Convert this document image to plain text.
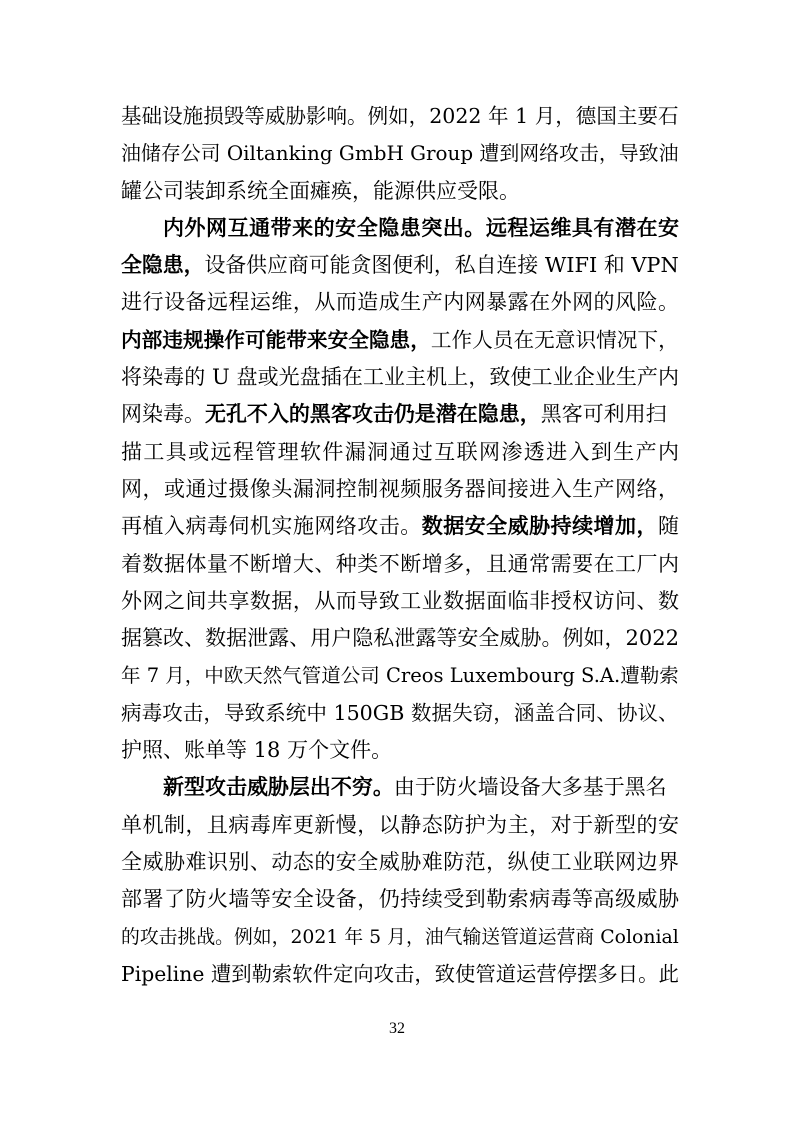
基础设施损毁等威胁影响。例如，2022 年 1 月，德国主要石
油储存公司 Oiltanking GmbH Group 遭到网络攻击，导致油
罐公司装卸系统全面瘫痪，能源供应受限。
内外网互通带来的安全隐患突出。远程运维具有潜在安
全隐患，设备供应商可能贪图便利，私自连接 WIFI 和 VPN
进行设备远程运维，从而造成生产内网暴露在外网的风险。
内部违规操作可能带来安全隐患，工作人员在无意识情况下，
将染毒的 U 盘或光盘插在工业主机上，致使工业企业生产内
网染毒。无孔不入的黑客攻击仍是潜在隐患，黑客可利用扫
描工具或远程管理软件漏洞通过互联网渗透进入到生产内
网，或通过摄像头漏洞控制视频服务器间接进入生产网络，
再植入病毒伺机实施网络攻击。数据安全威胁持续增加，随
着数据体量不断增大、种类不断增多，且通常需要在工厂内
外网之间共享数据，从而导致工业数据面临非授权访问、数
据篡改、数据泄露、用户隐私泄露等安全威胁。例如，2022
年 7 月，中欧天然气管道公司 Creos Luxembourg S.A.遭勒索
病毒攻击，导致系统中 150GB 数据失窃，涵盖合同、协议、
护照、账单等 18 万个文件。
新型攻击威胁层出不穷。由于防火墙设备大多基于黑名
单机制，且病毒库更新慢，以静态防护为主，对于新型的安
全威胁难识别、动态的安全威胁难防范，纵使工业联网边界
部署了防火墙等安全设备，仍持续受到勒索病毒等高级威胁
的攻击挑战。例如，2021 年 5 月，油气输送管道运营商 Colonial
Pipeline 遭到勒索软件定向攻击，致使管道运营停摆多日。此
32
